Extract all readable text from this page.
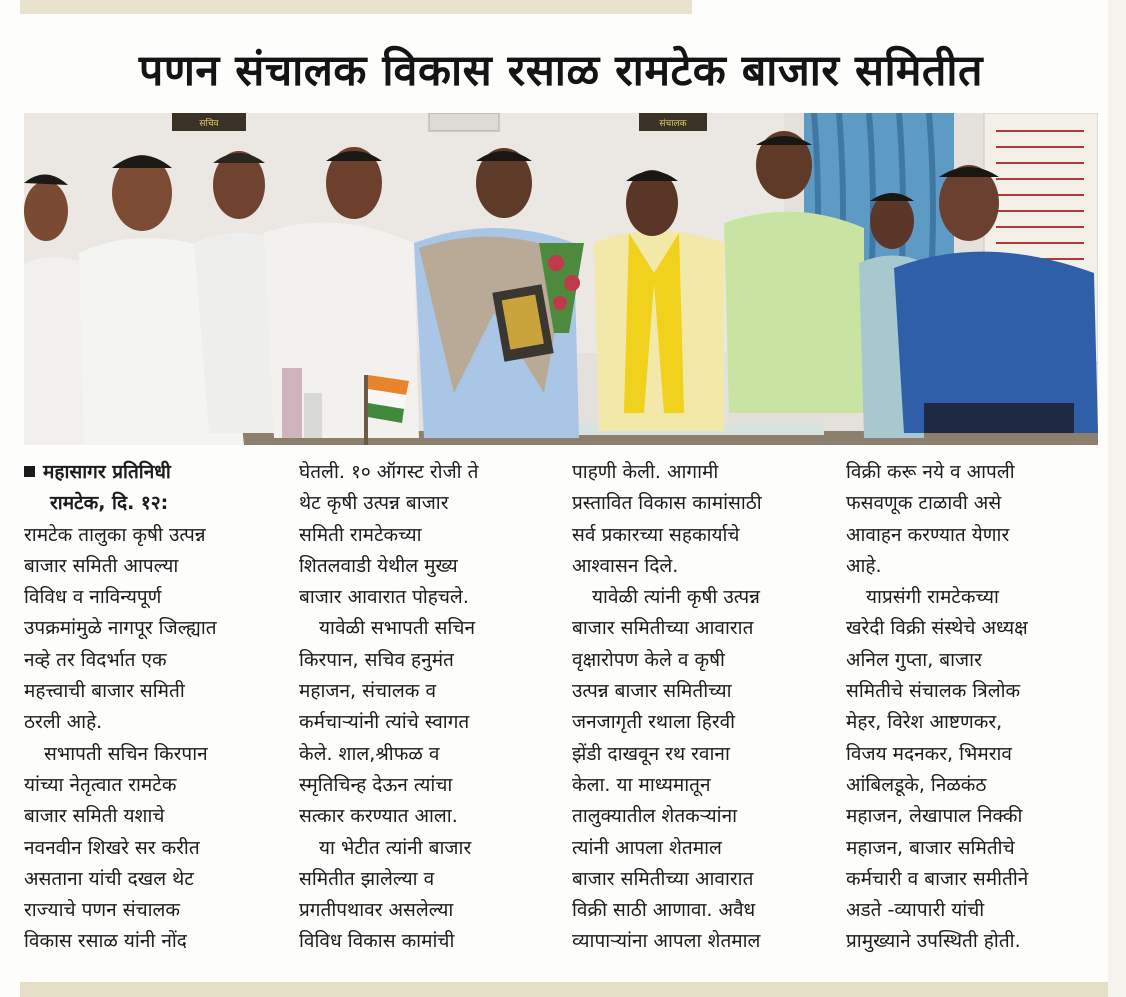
पणन संचालक विकास रसाळ रामटेक बाजार समितीत
सचिव	संचालक

महासागर प्रतिनिधी

रामटेक, दि. १२:

रामटेक तालुका कृषी उत्पन्न

बाजार समिती आपल्या

विविध व नाविन्यपूर्ण

उपक्रमांमुळे नागपूर जिल्ह्यात

नव्हे तर विदर्भात एक

महत्त्वाची बाजार समिती

ठरली आहे.

सभापती सचिन किरपान

यांच्या नेतृत्वात रामटेक

बाजार समिती यशाचे

नवनवीन शिखरे सर करीत

असताना यांची दखल थेट

राज्याचे पणन संचालक

विकास रसाळ यांनी नोंद

घेतली. १० ऑगस्ट रोजी ते

थेट कृषी उत्पन्न बाजार

समिती रामटेकच्या

शितलवाडी येथील मुख्य

बाजार आवारात पोहचले.

यावेळी सभापती सचिन

किरपान, सचिव हनुमंत

महाजन, संचालक व

कर्मचाऱ्यांनी त्यांचे स्वागत

केले. शाल,श्रीफळ व

स्मृतिचिन्ह देऊन त्यांचा

सत्कार करण्यात आला.

या भेटीत त्यांनी बाजार

समितीत झालेल्या व

प्रगतीपथावर असलेल्या

विविध विकास कामांची

पाहणी केली. आगामी

प्रस्तावित विकास कामांसाठी

सर्व प्रकारच्या सहकार्याचे

आश्वासन दिले.

यावेळी त्यांनी कृषी उत्पन्न

बाजार समितीच्या आवारात

वृक्षारोपण केले व कृषी

उत्पन्न बाजार समितीच्या

जनजागृती रथाला हिरवी

झेंडी दाखवून रथ रवाना

केला. या माध्यमातून

तालुक्यातील शेतकऱ्यांना

त्यांनी आपला शेतमाल

बाजार समितीच्या आवारात

विक्री साठी आणावा. अवैध

व्यापाऱ्यांना आपला शेतमाल

विक्री करू नये व आपली

फसवणूक टाळावी असे

आवाहन करण्यात येणार

आहे.

याप्रसंगी रामटेकच्या

खरेदी विक्री संस्थेचे अध्यक्ष

अनिल गुप्ता, बाजार

समितीचे संचालक त्रिलोक

मेहर, विरेश आष्टणकर,

विजय मदनकर, भिमराव

आंबिलडूके, निळकंठ

महाजन, लेखापाल निक्की

महाजन, बाजार समितीचे

कर्मचारी व बाजार समीतीने

अडते -व्यापारी यांची

प्रामुख्याने उपस्थिती होती.
